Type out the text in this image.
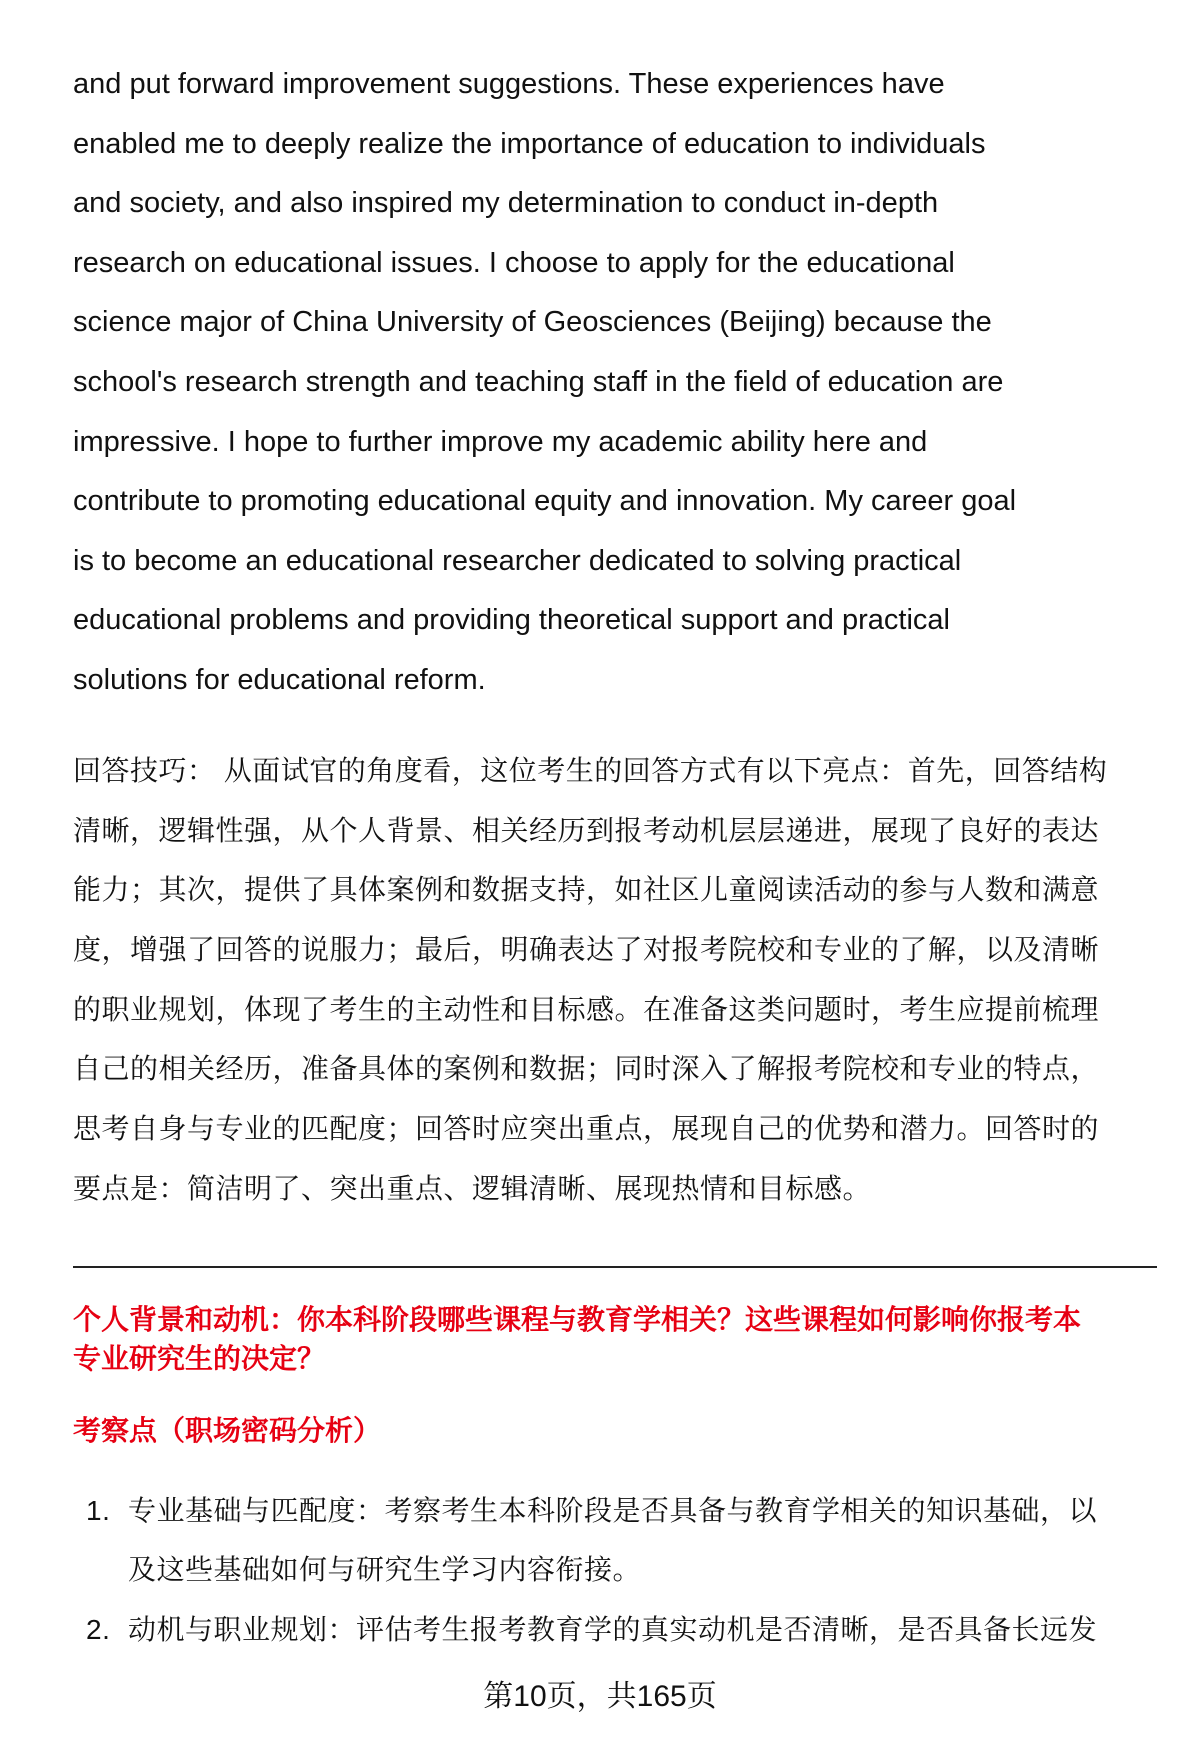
and put forward improvement suggestions. These experiences have
enabled me to deeply realize the importance of education to individuals
and society, and also inspired my determination to conduct in-depth
research on educational issues. I choose to apply for the educational
science major of China University of Geosciences (Beijing) because the
school's research strength and teaching staff in the field of education are
impressive. I hope to further improve my academic ability here and
contribute to promoting educational equity and innovation. My career goal
is to become an educational researcher dedicated to solving practical
educational problems and providing theoretical support and practical
solutions for educational reform.
回答技巧： 从面试官的角度看，这位考生的回答方式有以下亮点：首先，回答结构
清晰，逻辑性强，从个人背景、相关经历到报考动机层层递进，展现了良好的表达
能力；其次，提供了具体案例和数据支持，如社区儿童阅读活动的参与人数和满意
度，增强了回答的说服力；最后，明确表达了对报考院校和专业的了解，以及清晰
的职业规划，体现了考生的主动性和目标感。在准备这类问题时，考生应提前梳理
自己的相关经历，准备具体的案例和数据；同时深入了解报考院校和专业的特点，
思考自身与专业的匹配度；回答时应突出重点，展现自己的优势和潜力。回答时的
要点是：简洁明了、突出重点、逻辑清晰、展现热情和目标感。
个人背景和动机：你本科阶段哪些课程与教育学相关？这些课程如何影响你报考本
专业研究生的决定？
考察点（职场密码分析）
1. 专业基础与匹配度：考察考生本科阶段是否具备与教育学相关的知识基础，以
及这些基础如何与研究生学习内容衔接。
2. 动机与职业规划：评估考生报考教育学的真实动机是否清晰，是否具备长远发
第10页，共165页
